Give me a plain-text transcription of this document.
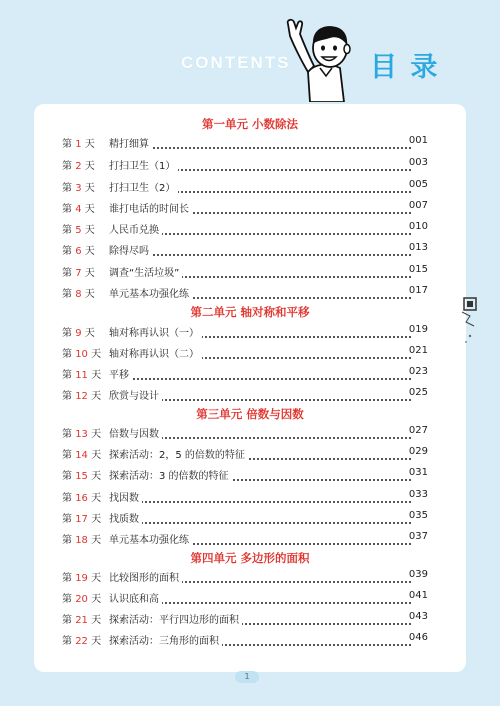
CONTENTS	目 录
第一单元 小数除法
第 1 天 精打细算	001
第 2 天 打扫卫生（1）	003
第 3 天 打扫卫生（2）	005
第 4 天 谁打电话的时间长	007
第 5 天 人民币兑换	010
第 6 天 除得尽吗	013
第 7 天 调查“生活垃圾”	015
第 8 天 单元基本功强化练	017
第二单元 轴对称和平移
第 9 天 轴对称再认识（一）	019
第 10 天 轴对称再认识（二）	021
第 11 天 平移	023
第 12 天 欣赏与设计	025
第三单元 倍数与因数
第 13 天 倍数与因数	027
第 14 天 探索活动：2，5 的倍数的特征	029
第 15 天 探索活动：3 的倍数的特征	031
第 16 天 找因数	033
第 17 天 找质数	035
第 18 天 单元基本功强化练	037
第四单元 多边形的面积
第 19 天 比较图形的面积	039
第 20 天 认识底和高	041
第 21 天 探索活动：平行四边形的面积	043
第 22 天 探索活动：三角形的面积	046
1
